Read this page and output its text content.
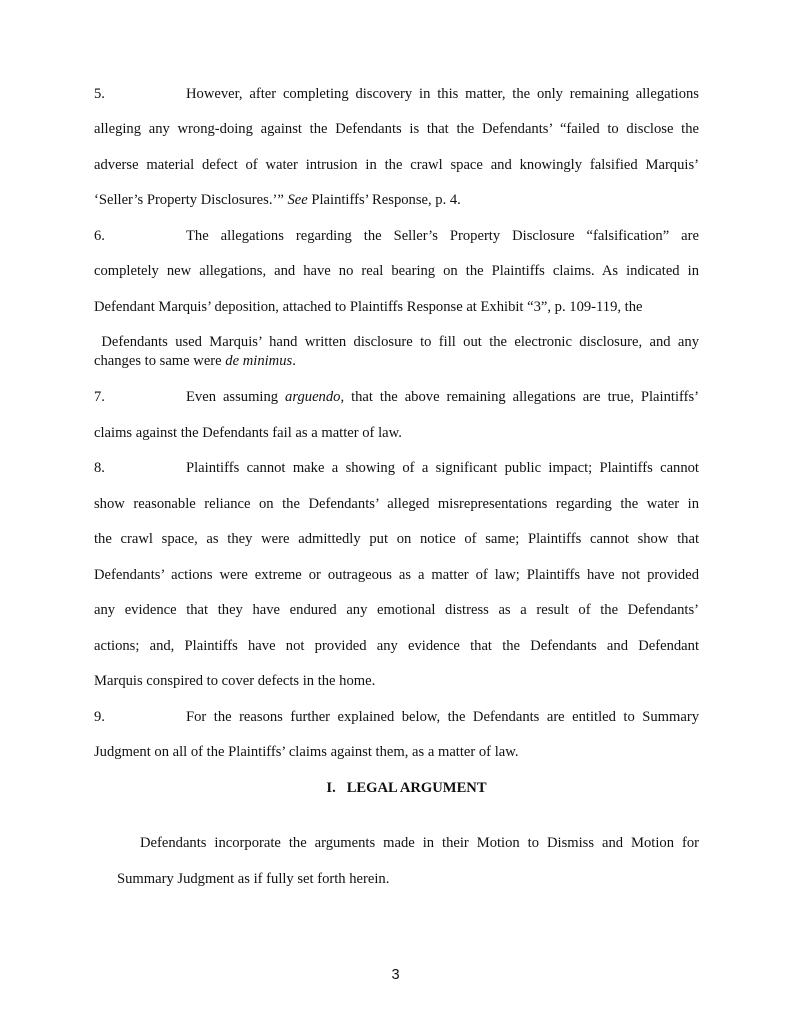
5.	However, after completing discovery in this matter, the only remaining allegations
alleging any wrong-doing against the Defendants is that the Defendants’ “failed to disclose the
adverse material defect of water intrusion in the crawl space and knowingly falsified Marquis’
‘Seller’s Property Disclosures.’” See Plaintiffs’ Response, p. 4.
6.	The allegations regarding the Seller’s Property Disclosure “falsification” are
completely new allegations, and have no real bearing on the Plaintiffs claims. As indicated in
Defendant Marquis’ deposition, attached to Plaintiffs Response at Exhibit “3”, p. 109-119, the
Defendants used Marquis’ hand written disclosure to fill out the electronic disclosure, and any
changes to same were de minimus.
7.	Even assuming arguendo, that the above remaining allegations are true, Plaintiffs’
claims against the Defendants fail as a matter of law.
8.	Plaintiffs cannot make a showing of a significant public impact; Plaintiffs cannot
show reasonable reliance on the Defendants’ alleged misrepresentations regarding the water in
the crawl space, as they were admittedly put on notice of same; Plaintiffs cannot show that
Defendants’ actions were extreme or outrageous as a matter of law; Plaintiffs have not provided
any evidence that they have endured any emotional distress as a result of the Defendants’
actions; and, Plaintiffs have not provided any evidence that the Defendants and Defendant
Marquis conspired to cover defects in the home.
9.	For the reasons further explained below, the Defendants are entitled to Summary
Judgment on all of the Plaintiffs’ claims against them, as a matter of law.
I.   LEGAL ARGUMENT
Defendants incorporate the arguments made in their Motion to Dismiss and Motion for
Summary Judgment as if fully set forth herein.
3
